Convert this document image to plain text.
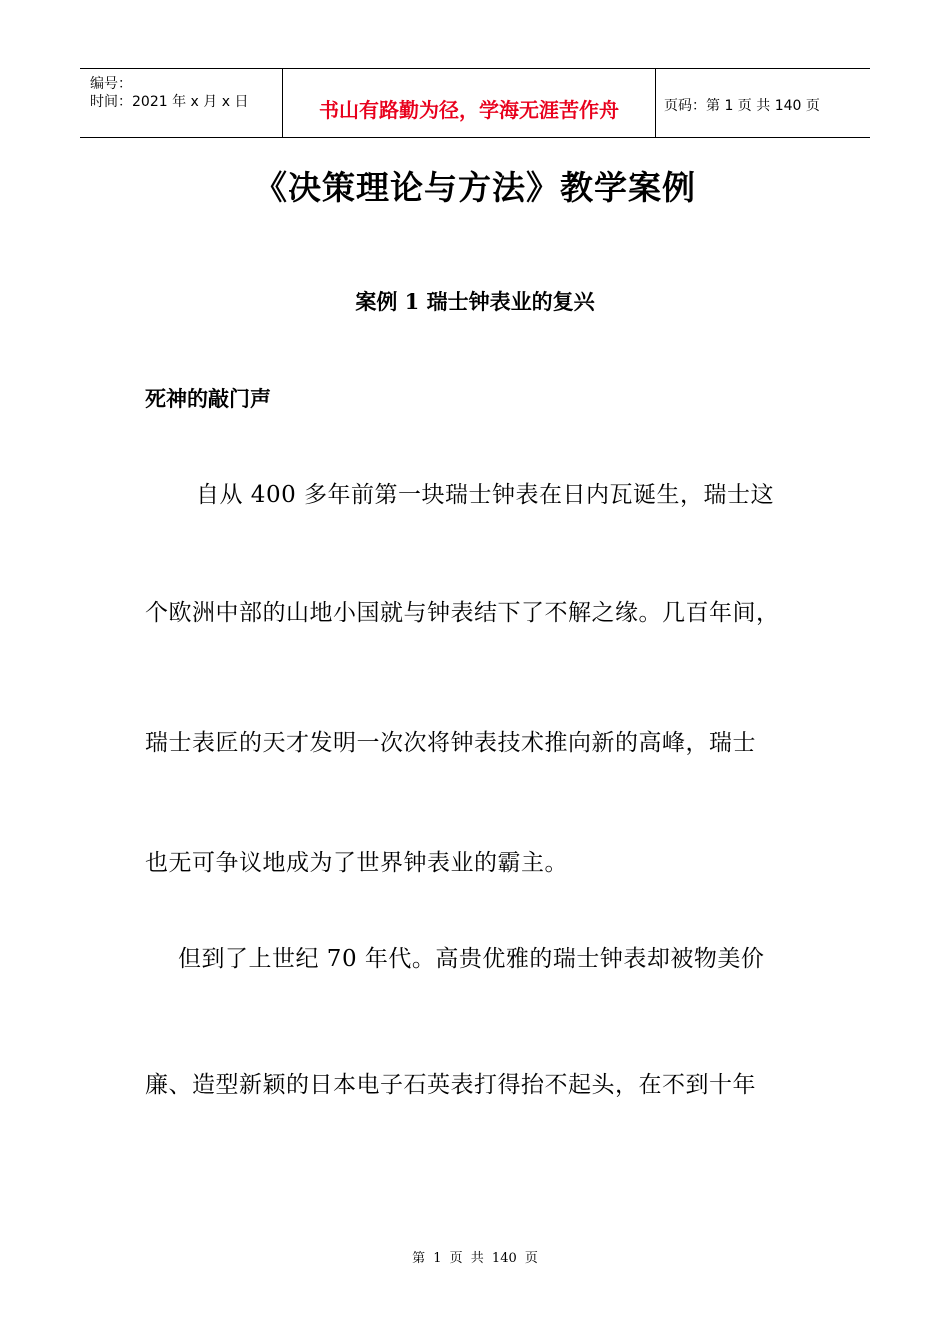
编号：
时间：2021 年 x 月 x 日	书山有路勤为径，学海无涯苦作舟	页码：第 1 页 共 140 页
《决策理论与方法》教学案例
案例 1 瑞士钟表业的复兴
死神的敲门声
自从 400 多年前第一块瑞士钟表在日内瓦诞生，瑞士这
个欧洲中部的山地小国就与钟表结下了不解之缘。几百年间，
瑞士表匠的天才发明一次次将钟表技术推向新的高峰，瑞士
也无可争议地成为了世界钟表业的霸主。
但到了上世纪 70 年代。高贵优雅的瑞士钟表却被物美价
廉、造型新颖的日本电子石英表打得抬不起头，在不到十年
第 1 页 共 140 页
